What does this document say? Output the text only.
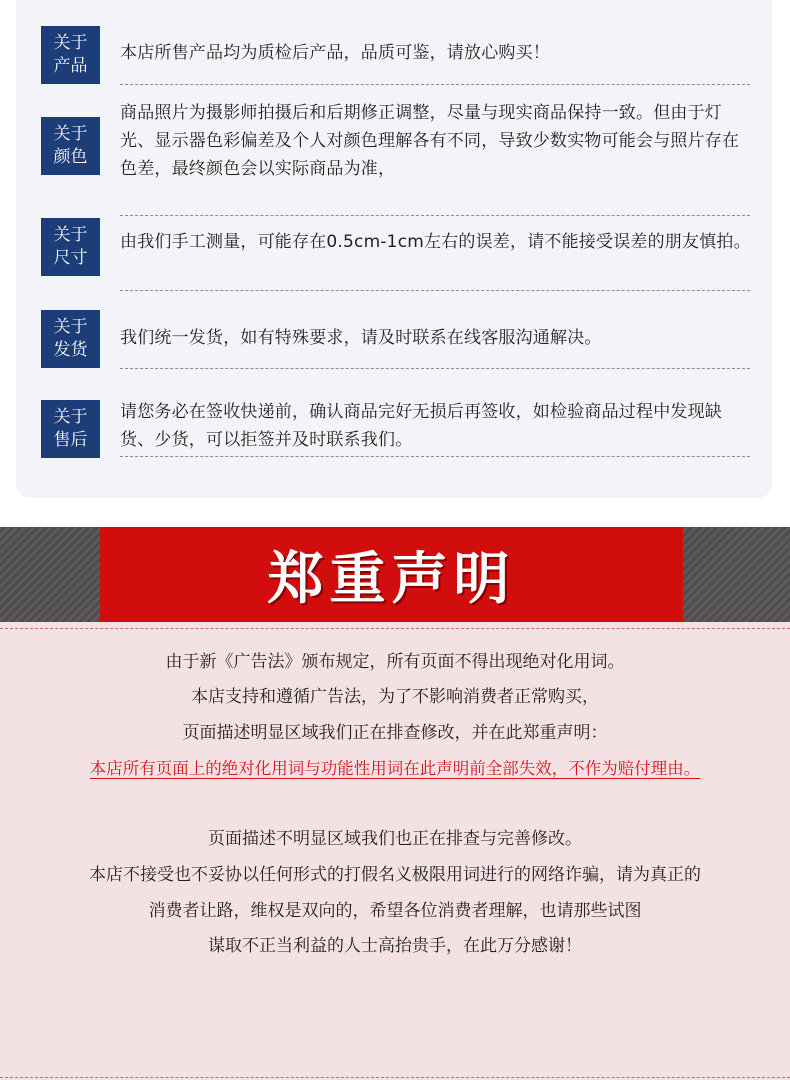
关于
产品
本店所售产品均为质检后产品，品质可鉴，请放心购买！
关于
颜色
商品照片为摄影师拍摄后和后期修正调整，尽量与现实商品保持一致。但由于灯光、显示器色彩偏差及个人对颜色理解各有不同，导致少数实物可能会与照片存在色差，最终颜色会以实际商品为准，
关于
尺寸
由我们手工测量，可能存在0.5cm-1cm左右的误差，请不能接受误差的朋友慎拍。
关于
发货
我们统一发货，如有特殊要求，请及时联系在线客服沟通解决。
关于
售后
请您务必在签收快递前，确认商品完好无损后再签收，如检验商品过程中发现缺货、少货，可以拒签并及时联系我们。
郑重声明
由于新《广告法》颁布规定，所有页面不得出现绝对化用词。
本店支持和遵循广告法，为了不影响消费者正常购买，
页面描述明显区域我们正在排查修改，并在此郑重声明：
本店所有页面上的绝对化用词与功能性用词在此声明前全部失效，不作为赔付理由。
页面描述不明显区域我们也正在排查与完善修改。
本店不接受也不妥协以任何形式的打假名义极限用词进行的网络诈骗，请为真正的
消费者让路，维权是双向的，希望各位消费者理解，也请那些试图
谋取不正当利益的人士高抬贵手，在此万分感谢！
